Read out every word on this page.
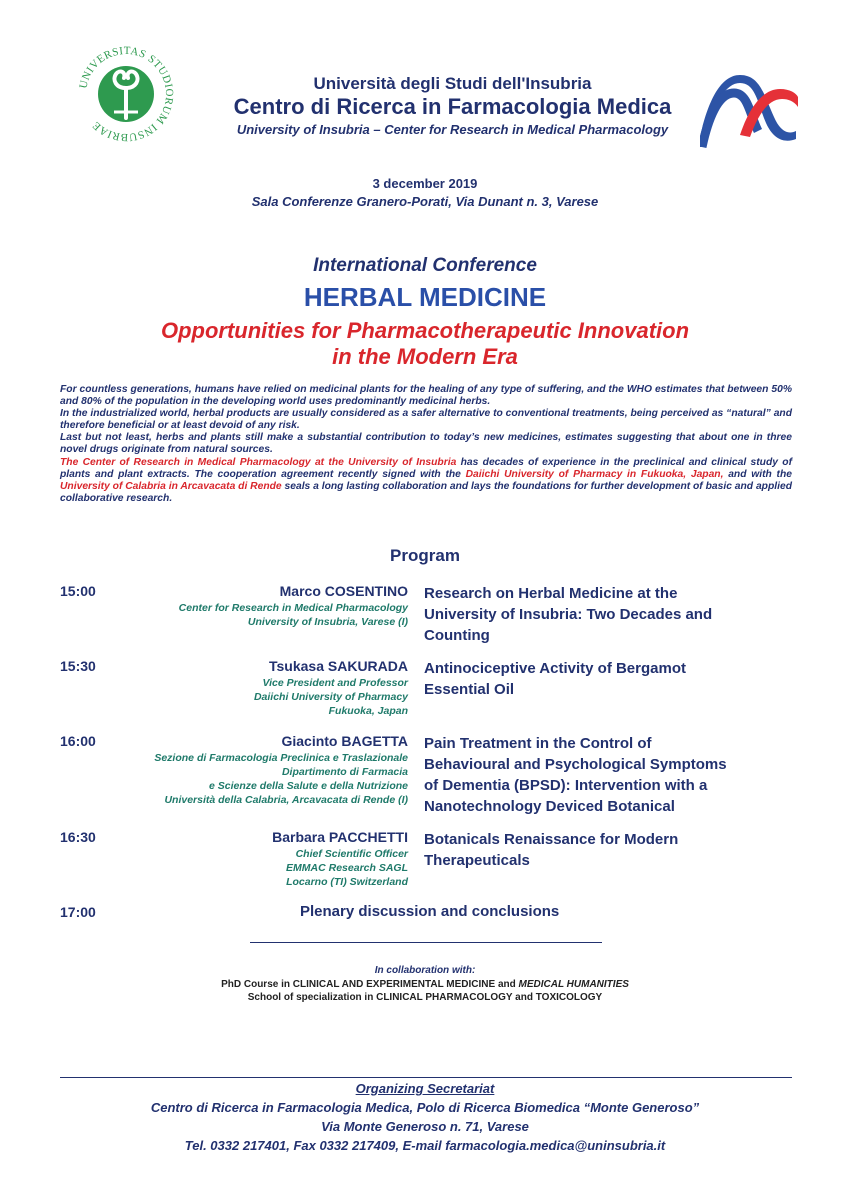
UNIVERSITAS STUDIORUM INSUBRIAE
Università degli Studi dell'Insubria
Centro di Ricerca in Farmacologia Medica
University of Insubria – Center for Research in Medical Pharmacology
3 december 2019
Sala Conferenze Granero-Porati, Via Dunant n. 3, Varese
International Conference
HERBAL MEDICINE
Opportunities for Pharmacotherapeutic Innovation
in the Modern Era

For countless generations, humans have relied on medicinal plants for the healing of any type of suffering, and the WHO estimates that between 50% and 80% of the population in the developing world uses predominantly medicinal herbs.

In the industrialized world, herbal products are usually considered as a safer alternative to conventional treatments, being perceived as “natural” and therefore beneficial or at least devoid of any risk.

Last but not least, herbs and plants still make a substantial contribution to today’s new medicines, estimates suggesting that about one in three novel drugs originate from natural sources.

The Center of Research in Medical Pharmacology at the University of Insubria has decades of experience in the preclinical and clinical study of plants and plant extracts. The cooperation agreement recently signed with the Daiichi University of Pharmacy in Fukuoka, Japan, and with the University of Calabria in Arcavacata di Rende seals a long lasting collaboration and lays the foundations for further development of basic and applied collaborative research.

Program
15:00	Marco COSENTINO
Center for Research in Medical Pharmacology
University of Insubria, Varese (I)
Research on Herbal Medicine at the
University of Insubria: Two Decades and
Counting
15:30	Tsukasa SAKURADA
Vice President and Professor
Daiichi University of Pharmacy
Fukuoka, Japan
Antinociceptive Activity of Bergamot
Essential Oil
16:00	Giacinto BAGETTA
Sezione di Farmacologia Preclinica e Traslazionale
Dipartimento di Farmacia
e Scienze della Salute e della Nutrizione
Università della Calabria, Arcavacata di Rende (I)
Pain Treatment in the Control of
Behavioural and Psychological Symptoms
of Dementia (BPSD): Intervention with a
Nanotechnology Deviced Botanical
16:30	Barbara PACCHETTI
Chief Scientific Officer
EMMAC Research SAGL
Locarno (TI) Switzerland
Botanicals Renaissance for Modern
Therapeuticals
17:00	Plenary discussion and conclusions
In collaboration with:
PhD Course in CLINICAL AND EXPERIMENTAL MEDICINE and MEDICAL HUMANITIES
School of specialization in CLINICAL PHARMACOLOGY and TOXICOLOGY
Organizing Secretariat
Centro di Ricerca in Farmacologia Medica, Polo di Ricerca Biomedica “Monte Generoso”
Via Monte Generoso n. 71, Varese
Tel. 0332 217401, Fax 0332 217409, E-mail farmacologia.medica@uninsubria.it
